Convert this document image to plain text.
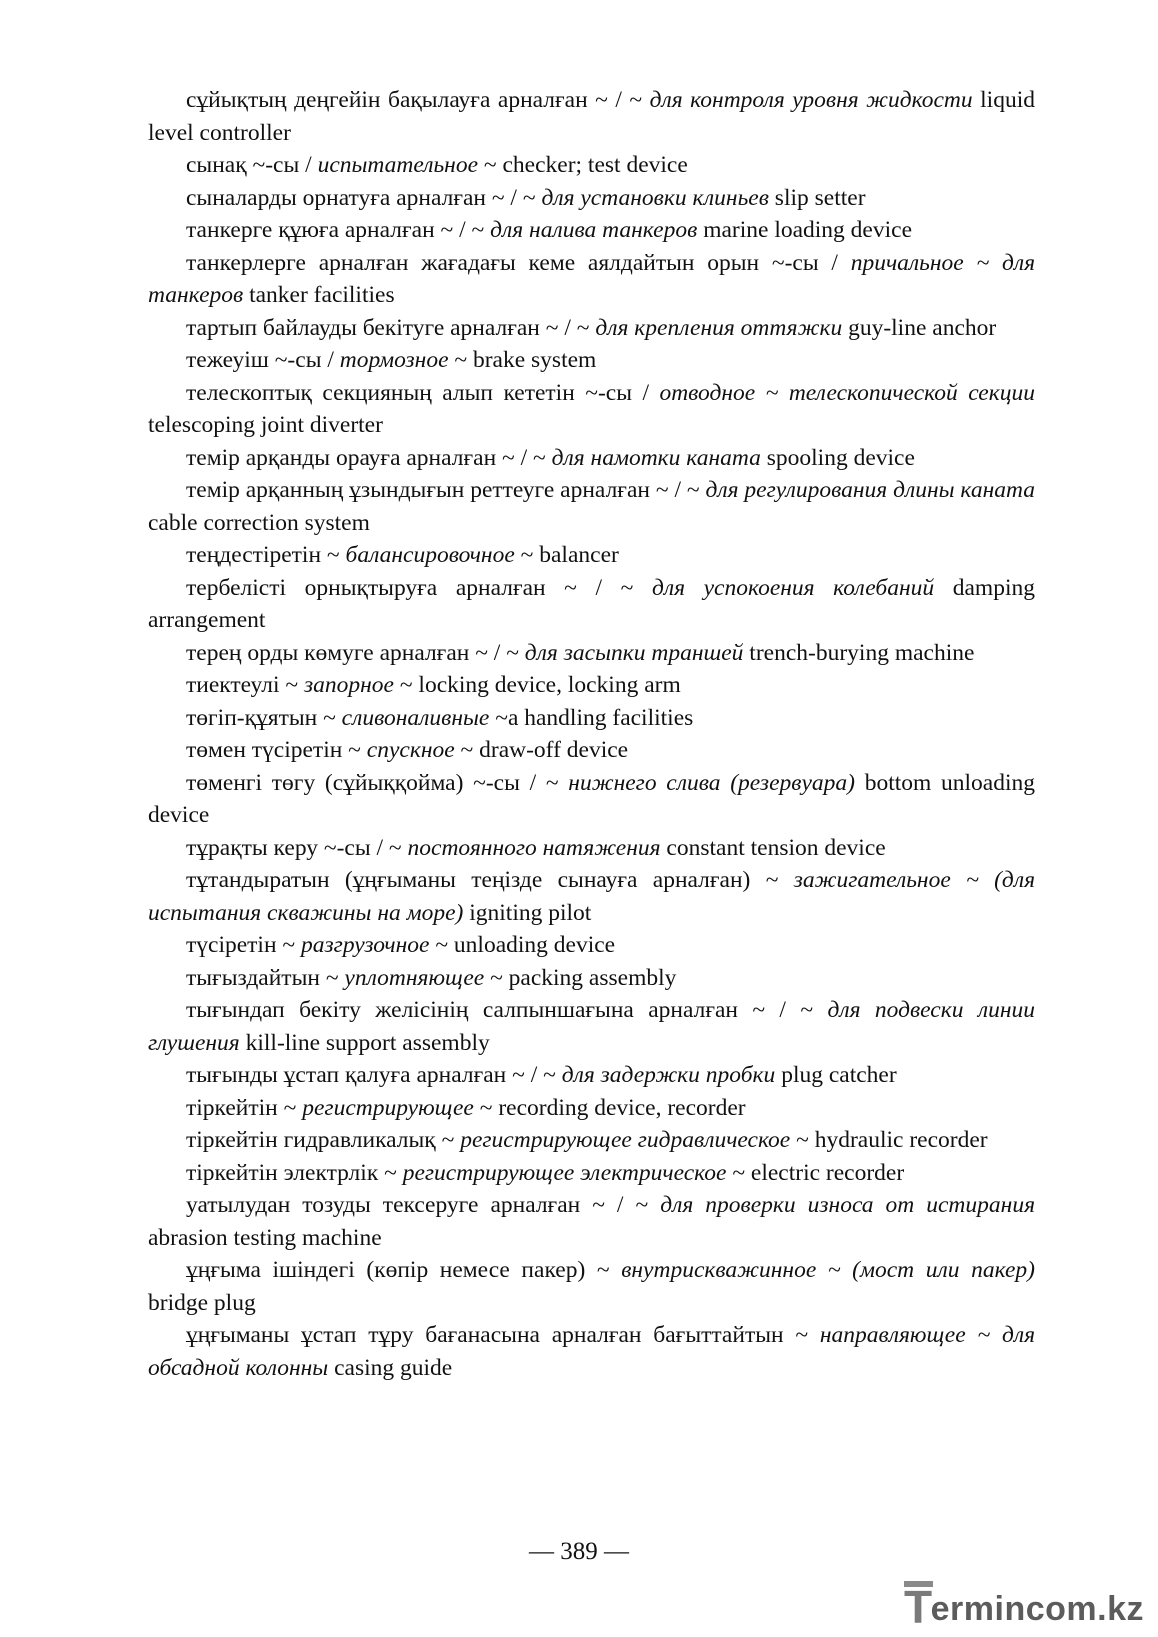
сұйықтың деңгейін бақылауға арналған ~ / ~ для контроля уровня жидкости liquid level controller

сынақ ~-сы / испытательное ~ checker; test device

сыналарды орнатуға арналған ~ / ~ для установки клиньев slip setter

танкерге құюға арналған ~ / ~ для налива танкеров marine loading device

танкерлерге арналған жағадағы кеме аялдайтын орын ~-сы / причальное ~ для танкеров tanker facilities

тартып байлауды бекітуге арналған ~ / ~ для крепления оттяжки guy-line anchor

тежеуіш ~-сы / тормозное ~ brake system

телескоптық секцияның алып кететін ~-сы / отводное ~ телескопической секции telescoping joint diverter

темір арқанды орауға арналған ~ / ~ для намотки каната spooling device

темір арқанның ұзындығын реттеуге арналған ~ / ~ для регулирования длины каната cable correction system

теңдестіретін ~ балансировочное ~ balancer

тербелісті орнықтыруға арналған ~ / ~ для успокоения колебаний damping arrangement

терең орды көмуге арналған ~ / ~ для засыпки траншей trench-burying machine

тиектеулі ~ запорное ~ locking device, locking arm

төгіп-құятын ~ сливоналивные ~a handling facilities

төмен түсіретін ~ спускное ~ draw-off device

төменгі төгу (сұйыққойма) ~-сы / ~ нижнего слива (резервуара) bottom unloading device

тұрақты керу ~-сы / ~ постоянного натяжения constant tension device

тұтандыратын (ұңғыманы теңізде сынауға арналған) ~ зажигательное ~ (для испытания скважины на море) igniting pilot

түсіретін ~ разгрузочное ~ unloading device

тығыздайтын ~ уплотняющее ~ packing assembly

тығындап бекіту желісінің салпыншағына арналған ~ / ~ для подвески линии глушения kill-line support assembly

тығынды ұстап қалуға арналған ~ / ~ для задержки пробки plug catcher

тіркейтін ~ регистрирующее ~ recording device, recorder

тіркейтін гидравликалық ~ регистрирующее гидравлическое ~ hydraulic recorder

тіркейтін электрлік ~ регистрирующее электрическое ~ electric recorder

уатылудан тозуды тексеруге арналған ~ / ~ для проверки износа от истирания abrasion testing machine

ұңғыма ішіндегі (көпір немесе пакер) ~ внутрискважинное ~ (мост или пакер) bridge plug

ұңғыманы ұстап тұру бағанасына арналған бағыттайтын ~ направляющее ~ для обсадной колонны casing guide

— 389 —
T
ermincom.kz
